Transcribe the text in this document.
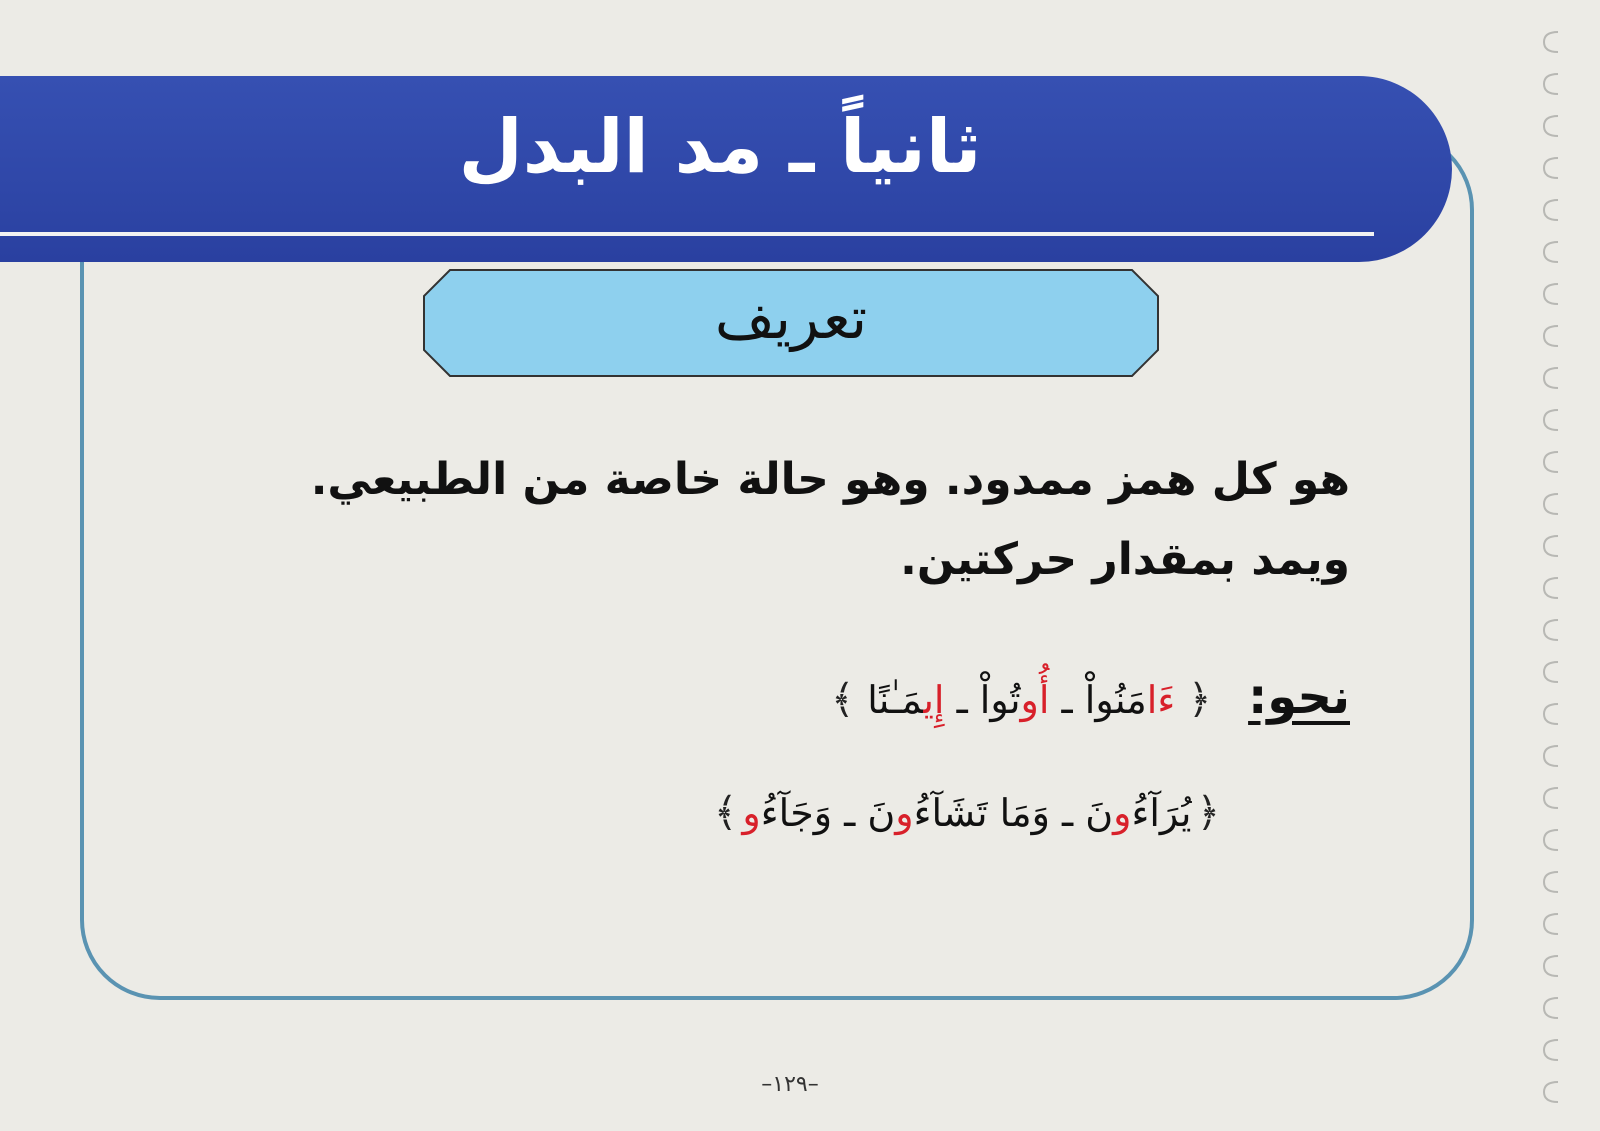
ثانياً ـ مد البدل
تعريف
هو كل همز ممدود. وهو حالة خاصة من الطبيعي.
ويمد بمقدار حركتين.
نحو: ﴿ ءَامَنُواْ ـ أُوتُواْ ـ إِيمَـٰنًا ﴾
﴿ يُرَآءُونَ ـ وَمَا تَشَآءُونَ ـ وَجَآءُو ﴾
–١٢٩–
